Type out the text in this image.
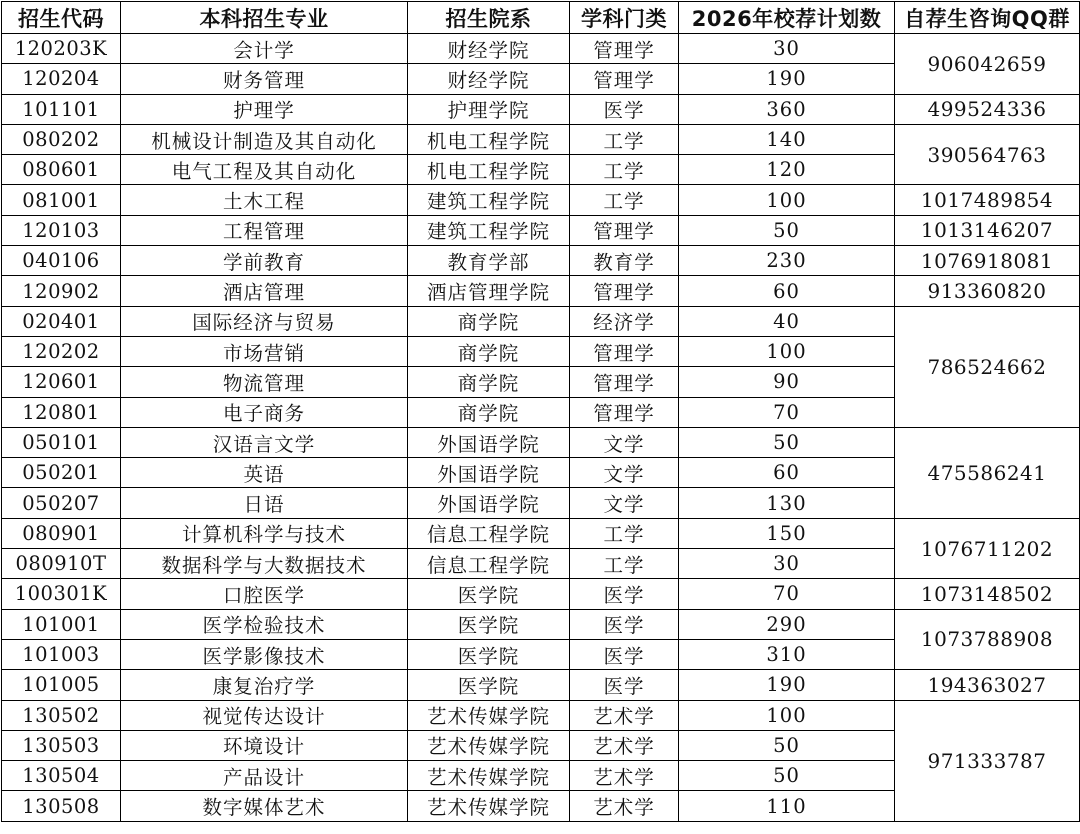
招生代码	本科招生专业	招生院系	学科门类	2026年校荐计划数	自荐生咨询QQ群
120203K	会计学	财经学院	管理学	30	906042659
120204	财务管理	财经学院	管理学	190	
101101	护理学	护理学院	医学	360	499524336
080202	机械设计制造及其自动化	机电工程学院	工学	140	390564763
080601	电气工程及其自动化	机电工程学院	工学	120	
081001	土木工程	建筑工程学院	工学	100	1017489854
120103	工程管理	建筑工程学院	管理学	50	1013146207
040106	学前教育	教育学部	教育学	230	1076918081
120902	酒店管理	酒店管理学院	管理学	60	913360820
020401	国际经济与贸易	商学院	经济学	40	786524662
120202	市场营销	商学院	管理学	100	
120601	物流管理	商学院	管理学	90	
120801	电子商务	商学院	管理学	70	
050101	汉语言文学	外国语学院	文学	50	475586241
050201	英语	外国语学院	文学	60	
050207	日语	外国语学院	文学	130	
080901	计算机科学与技术	信息工程学院	工学	150	1076711202
080910T	数据科学与大数据技术	信息工程学院	工学	30	
100301K	口腔医学	医学院	医学	70	1073148502
101001	医学检验技术	医学院	医学	290	1073788908
101003	医学影像技术	医学院	医学	310	
101005	康复治疗学	医学院	医学	190	194363027
130502	视觉传达设计	艺术传媒学院	艺术学	100	971333787
130503	环境设计	艺术传媒学院	艺术学	50	
130504	产品设计	艺术传媒学院	艺术学	50	
130508	数字媒体艺术	艺术传媒学院	艺术学	110	
